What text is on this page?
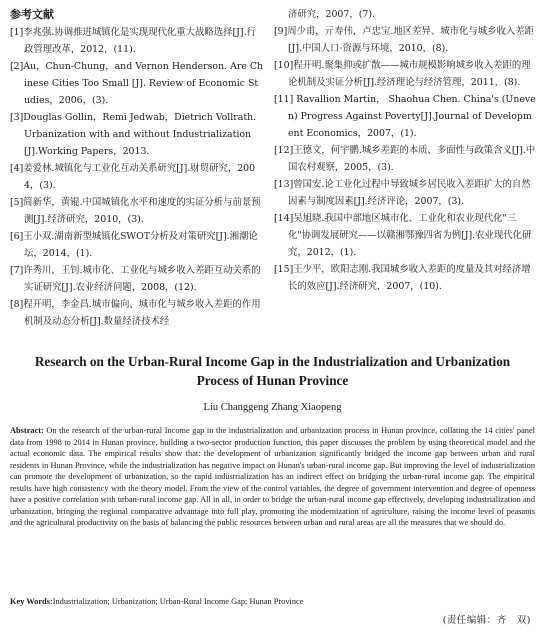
参考文献

[1]李兆强.协调推进城镇化是实现现代化重大战略选择[J].行政管理改革，2012，(11).

[2]Au，Chun-Chung，and Vernon Henderson. Are Chinese Cities Too Small [J]. Review of Economic Studies，2006，(3).

[3]Douglas Gollin，Remi Jedwab，Dietrich Vollrath. Urbanization with and without Industrialization [J].Working Papers，2013.

[4]姜爱林.城镇化与工业化互动关系研究[J].财贸研究，2004，(3).

[5]简新华，黄锟.中国城镇化水平和速度的实证分析与前景预测[J].经济研究，2010，(3).

[6]王小双.湖南新型城镇化SWOT分析及对策研究[J].湘潮论坛，2014，(1).

[7]许秀川，王钊.城市化、工业化与城乡收入差距互动关系的实证研究[J].农业经济问题，2008，(12).

[8]程开明，李金昌.城市偏向、城市化与城乡收入差距的作用机制及动态分析[J].数量经济技术经

济研究，2007，(7).

[9]周少甫，亓寿伟，卢忠宝.地区差异、城市化与城乡收入差距[J].中国人口·资源与环境，2010，(8).

[10]程开明.聚集抑或扩散——城市规模影响城乡收入差距的理论机制及实证分析[J].经济理论与经济管理，2011，(8).

[11] Ravallion Martin， Shaohua Chen. China's (Uneven) Progress Against Poverty[J].Journal of Development Economics，2007，(1).

[12]王德文，何宇鹏.城乡差距的本质、多面性与政策含义[J].中国农村观察，2005，(3).

[13]曾国安.论工业化过程中导致城乡居民收入差距扩大的自然因素与制度因素[J].经济评论，2007，(3).

[14]吴旭晓.我国中部地区城市化、工业化和农业现代化"三化"协调发展研究——以赣湘鄂豫四省为例[J].农业现代化研究，2012，(1).

[15]王少平，欧阳志刚.我国城乡收入差距的度量及其对经济增长的效应[J].经济研究，2007，(10).

Research on the Urban-Rural Income Gap in the Industrialization and Urbanization Process of Hunan Province
Liu Changgeng Zhang Xiaopeng

Abstract: On the research of the urban-rural Income gap in the industrialization and urbanization process in Hunan province, collating the 14 cities' panel data from 1998 to 2014 in Hunan province, building a two-sector production function, this paper discusses the problem by using theoretical model and the actual economic data. The empirical results show that: the development of urbanization significantly bridged the income gap between urban and rural residents in Hunan Province, while the industrialization has negative impact on Hunan's urban-rural income gap. But improving the level of industrialization can promote the development of urbanization, so the rapid industrialization has an indirect effect on bridging the urban-rural income gap. The empirical results have high consistency with the theory model. From the view of the control variables, the degree of government intervention and degree of openness have a positive correlation with urban-rural income gap. All in all, in order to bridge the urban-rural income gap effectively, developing industrialization and urbanization, bringing the regional comparative advantage into full play, promoting the modernization of agriculture, raising the income level of peasants and the agricultural productivity on the basis of balancing the public resources between urban and rural areas are all the measures that we should do.

Key Words:Industrialization; Urbanization; Urban-Rural Income Gap; Hunan Province

(责任编辑：齐　双)
